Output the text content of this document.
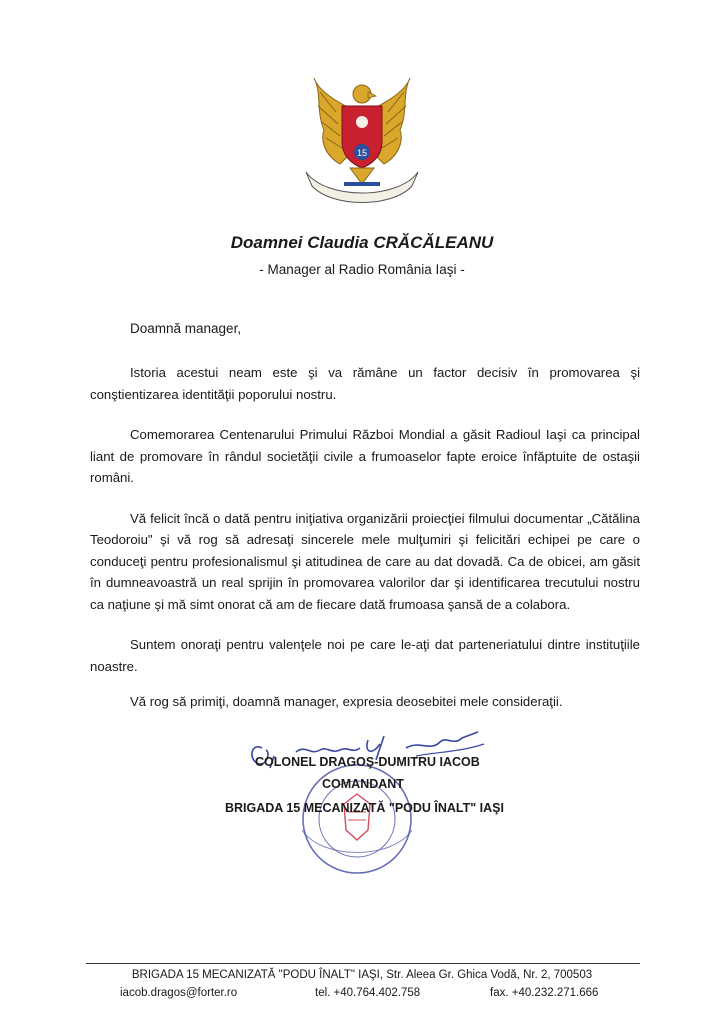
15
Doamnei Claudia CRĂCĂLEANU
- Manager al Radio România Iaşi -
Doamnă manager,

Istoria acestui neam este şi va rămâne un factor decisiv în promovarea şi conştientizarea identităţii poporului nostru.

Comemorarea Centenarului Primului Război Mondial a găsit Radioul Iaşi ca principal liant de promovare în rândul societăţii civile a frumoaselor fapte eroice înfăptuite de ostaşii români.

Vă felicit încă o dată pentru iniţiativa organizării proiecţiei filmului documentar „Cătălina Teodoroiu" şi vă rog să adresaţi sincerele mele mulţumiri şi felicitări echipei pe care o conduceţi pentru profesionalismul şi atitudinea de care au dat dovadă. Ca de obicei, am găsit în dumneavoastră un real sprijin în promovarea valorilor dar şi identificarea trecutului nostru ca naţiune şi mă simt onorat că am de fiecare dată frumoasa şansă de a colabora.

Suntem onoraţi pentru valenţele noi pe care le-aţi dat parteneriatului dintre instituţiile noastre.

Vă rog să primiţi, doamnă manager, expresia deosebitei mele consideraţii.
COLONEL DRAGOŞ-DUMITRU IACOB
COMANDANT
BRIGADA 15 MECANIZATĂ "PODU ÎNALT" IAŞI
BRIGADA 15 MECANIZATĂ "PODU ÎNALT" IAŞI, Str. Aleea Gr. Ghica Vodă, Nr. 2, 700503
iacob.dragos@forter.ro	tel. +40.764.402.758	fax. +40.232.271.666
